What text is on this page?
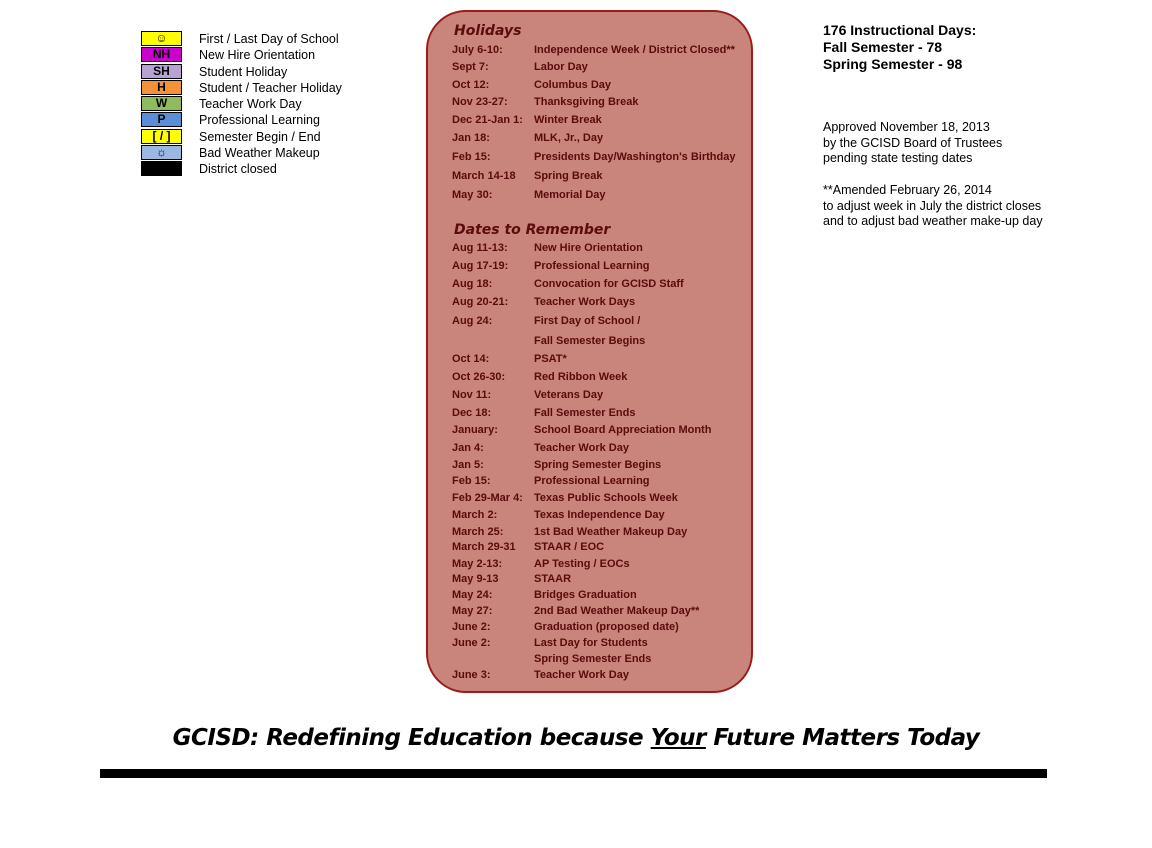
☺	First / Last Day of School
NH	New Hire Orientation
SH	Student Holiday
H	Student / Teacher Holiday
W	Teacher Work Day
P	Professional Learning
[ / ]	Semester Begin / End
☼	Bad Weather Makeup
District closed
Holidays
July 6-10:	Independence Week / District Closed**
Sept 7:	Labor Day
Oct 12:	Columbus Day
Nov 23-27: Thanksgiving Break
Dec 21-Jan 1: Winter Break
Jan 18:	MLK, Jr., Day
Feb 15:	Presidents Day/Washington's Birthday
March 14-18 Spring Break
May 30:	Memorial Day
Dates to Remember
Aug 11-13: New Hire Orientation
Aug 17-19: Professional Learning
Aug 18:	Convocation for GCISD Staff
Aug 20-21: Teacher Work Days
Aug 24:	First Day of School /
Fall Semester Begins
Oct 14:	PSAT*
Oct 26-30:	Red Ribbon Week
Nov 11:	Veterans Day
Dec 18:	Fall Semester Ends
January:	School Board Appreciation Month
Jan 4:	Teacher Work Day
Jan 5:	Spring Semester Begins
Feb 15:	Professional Learning
Feb 29-Mar 4: Texas Public Schools Week
March 2:	Texas Independence Day
March 25:	1st Bad Weather Makeup Day
March 29-31 STAAR / EOC
May 2-13:	AP Testing / EOCs
May 9-13	STAAR
May 24:	Bridges Graduation
May 27:	2nd Bad Weather Makeup Day**
June 2:	Graduation (proposed date)
June 2:	Last Day for Students
Spring Semester Ends
June 3:	Teacher Work Day
176 Instructional Days:
Fall Semester - 78
Spring Semester - 98
Approved November 18, 2013
by the GCISD Board of Trustees
pending state testing dates
**Amended February 26, 2014
to adjust week in July the district closes
and to adjust bad weather make-up day
GCISD: Redefining Education because Your Future Matters Today
